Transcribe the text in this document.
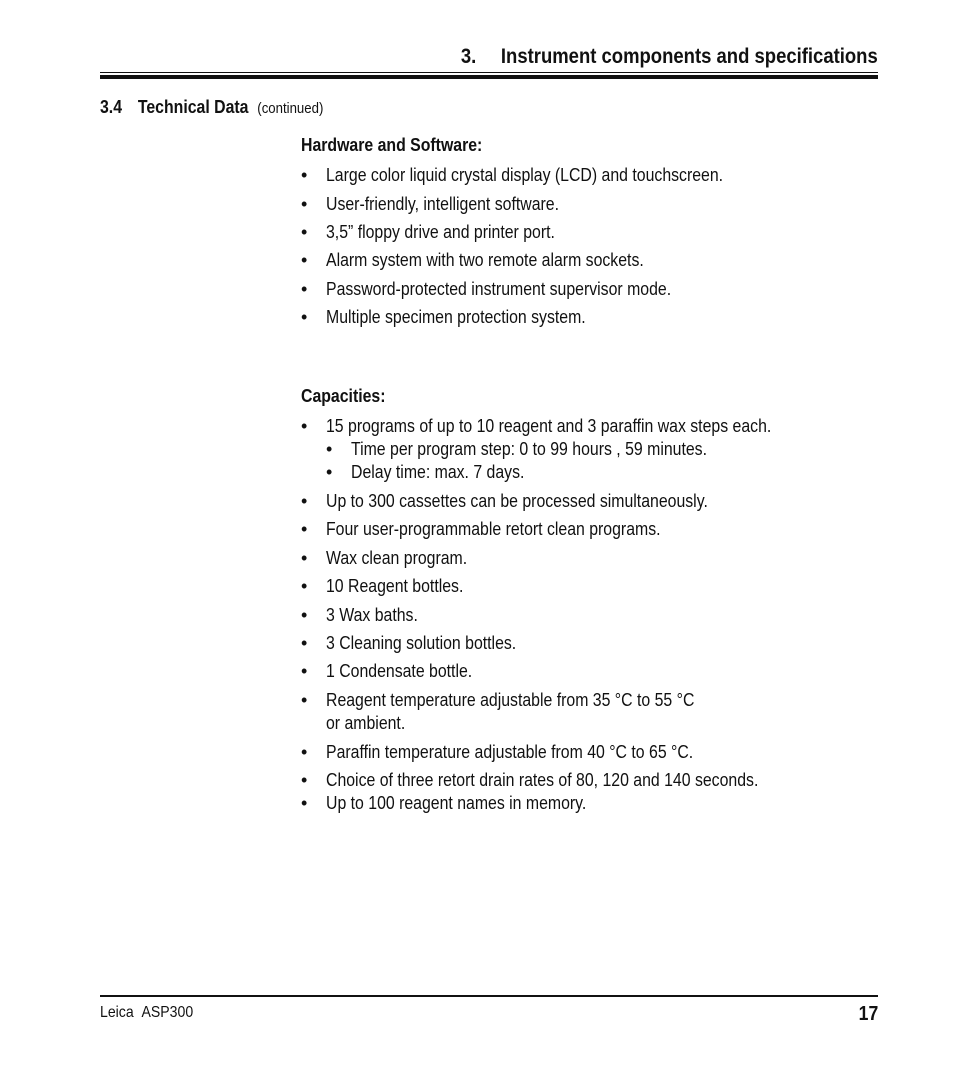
3. Instrument components and specifications
3.4 Technical Data (continued)
Hardware and Software:
• Large color liquid crystal display (LCD) and touchscreen.
• User-friendly, intelligent software.
• 3,5” floppy drive and printer port.
• Alarm system with two remote alarm sockets.
• Password-protected instrument supervisor mode.
• Multiple specimen protection system.
Capacities:
• 15 programs of up to 10 reagent and 3 paraffin wax steps each.
• Time per program step: 0 to 99 hours , 59 minutes.
• Delay time: max. 7 days.
• Up to 300 cassettes can be processed simultaneously.
• Four user-programmable retort clean programs.
• Wax clean program.
• 10 Reagent bottles.
• 3 Wax baths.
• 3 Cleaning solution bottles.
• 1 Condensate bottle.
• Reagent temperature adjustable from 35 °C to 55 °C
or ambient.
• Paraffin temperature adjustable from 40 °C to 65 °C.
• Choice of three retort drain rates of 80, 120 and 140 seconds.
• Up to 100 reagent names in memory.
Leica  ASP300	17
